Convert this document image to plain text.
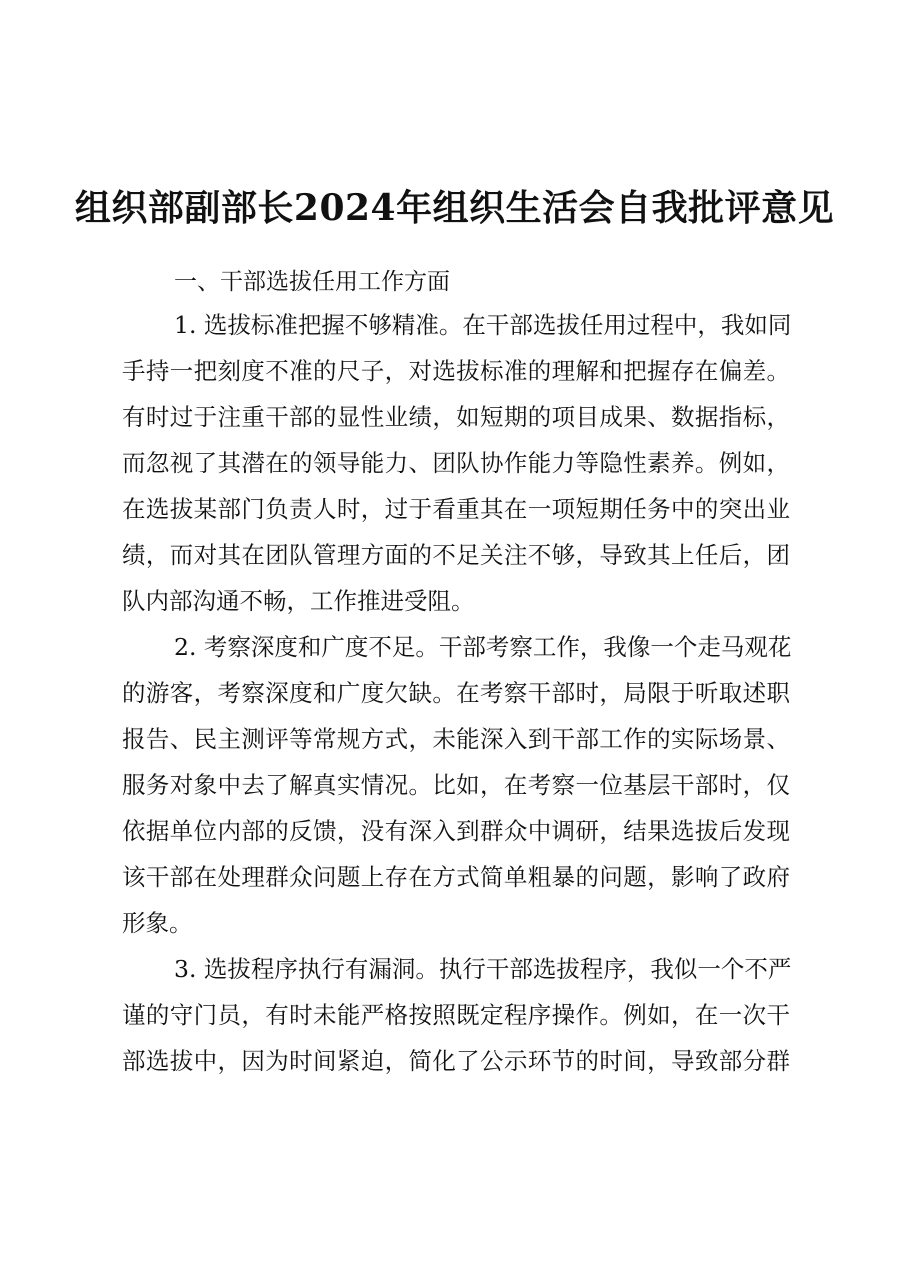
组织部副部长2024年组织生活会自我批评意见
一、干部选拔任用工作方面
1. 选拔标准把握不够精准。在干部选拔任用过程中，我如同
手持一把刻度不准的尺子，对选拔标准的理解和把握存在偏差。
有时过于注重干部的显性业绩，如短期的项目成果、数据指标，
而忽视了其潜在的领导能力、团队协作能力等隐性素养。例如，
在选拔某部门负责人时，过于看重其在一项短期任务中的突出业
绩，而对其在团队管理方面的不足关注不够，导致其上任后，团
队内部沟通不畅，工作推进受阻。
2. 考察深度和广度不足。干部考察工作，我像一个走马观花
的游客，考察深度和广度欠缺。在考察干部时，局限于听取述职
报告、民主测评等常规方式，未能深入到干部工作的实际场景、
服务对象中去了解真实情况。比如，在考察一位基层干部时，仅
依据单位内部的反馈，没有深入到群众中调研，结果选拔后发现
该干部在处理群众问题上存在方式简单粗暴的问题，影响了政府
形象。
3. 选拔程序执行有漏洞。执行干部选拔程序，我似一个不严
谨的守门员，有时未能严格按照既定程序操作。例如，在一次干
部选拔中，因为时间紧迫，简化了公示环节的时间，导致部分群
